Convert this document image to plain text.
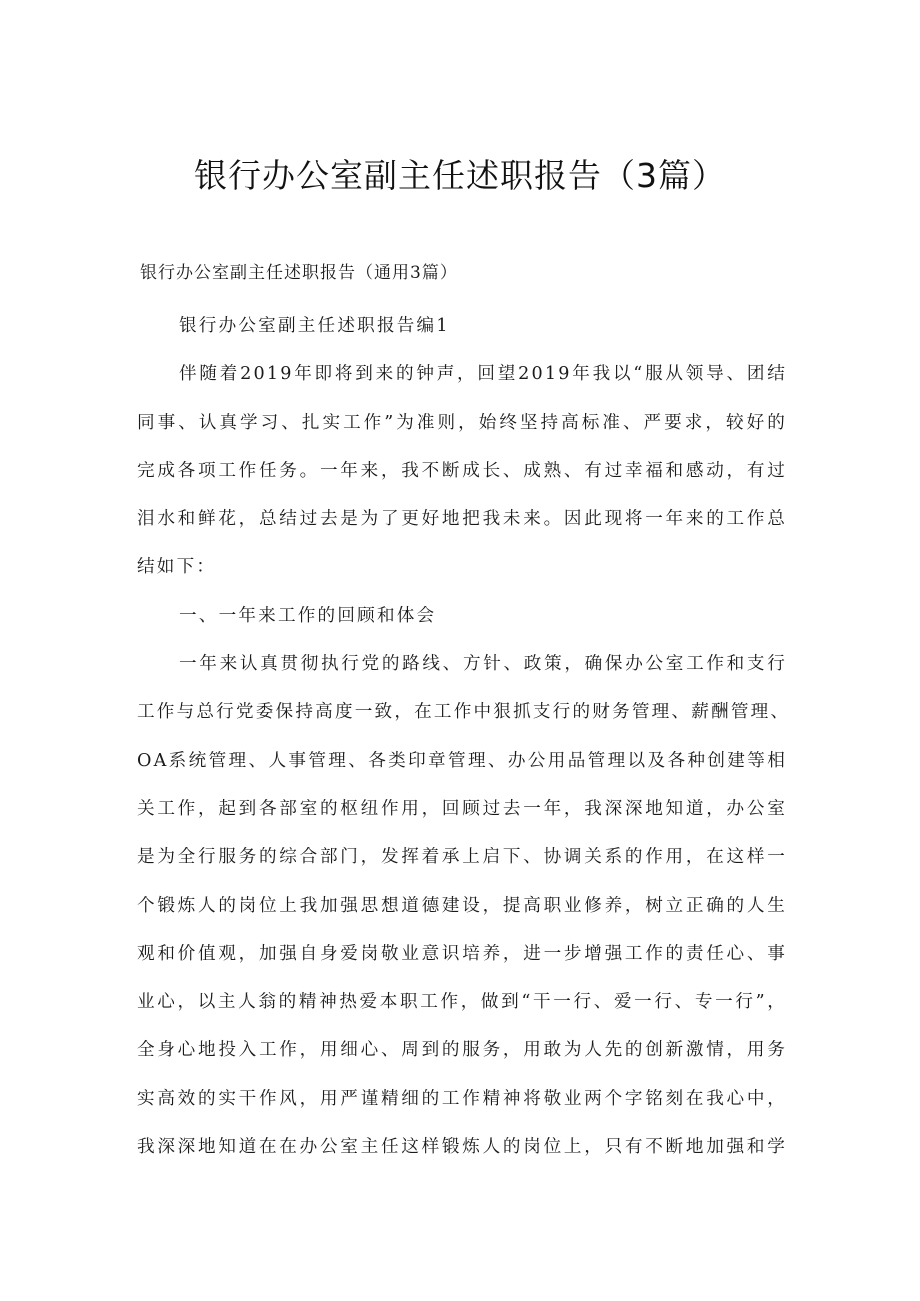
银行办公室副主任述职报告（3篇）

银行办公室副主任述职报告（通用3篇）

银行办公室副主任述职报告编1

伴随着2019年即将到来的钟声，回望2019年我以“服从领导、团结

同事、认真学习、扎实工作”为准则，始终坚持高标准、严要求，较好的

完成各项工作任务。一年来，我不断成长、成熟、有过幸福和感动，有过

泪水和鲜花，总结过去是为了更好地把我未来。因此现将一年来的工作总

结如下：

一、一年来工作的回顾和体会

一年来认真贯彻执行党的路线、方针、政策，确保办公室工作和支行

工作与总行党委保持高度一致，在工作中狠抓支行的财务管理、薪酬管理、

OA系统管理、人事管理、各类印章管理、办公用品管理以及各种创建等相

关工作，起到各部室的枢纽作用，回顾过去一年，我深深地知道，办公室

是为全行服务的综合部门，发挥着承上启下、协调关系的作用，在这样一

个锻炼人的岗位上我加强思想道德建设，提高职业修养，树立正确的人生

观和价值观，加强自身爱岗敬业意识培养，进一步增强工作的责任心、事

业心，以主人翁的精神热爱本职工作，做到“干一行、爱一行、专一行”，

全身心地投入工作，用细心、周到的服务，用敢为人先的创新激情，用务

实高效的实干作风，用严谨精细的工作精神将敬业两个字铭刻在我心中，

我深深地知道在在办公室主任这样锻炼人的岗位上，只有不断地加强和学
